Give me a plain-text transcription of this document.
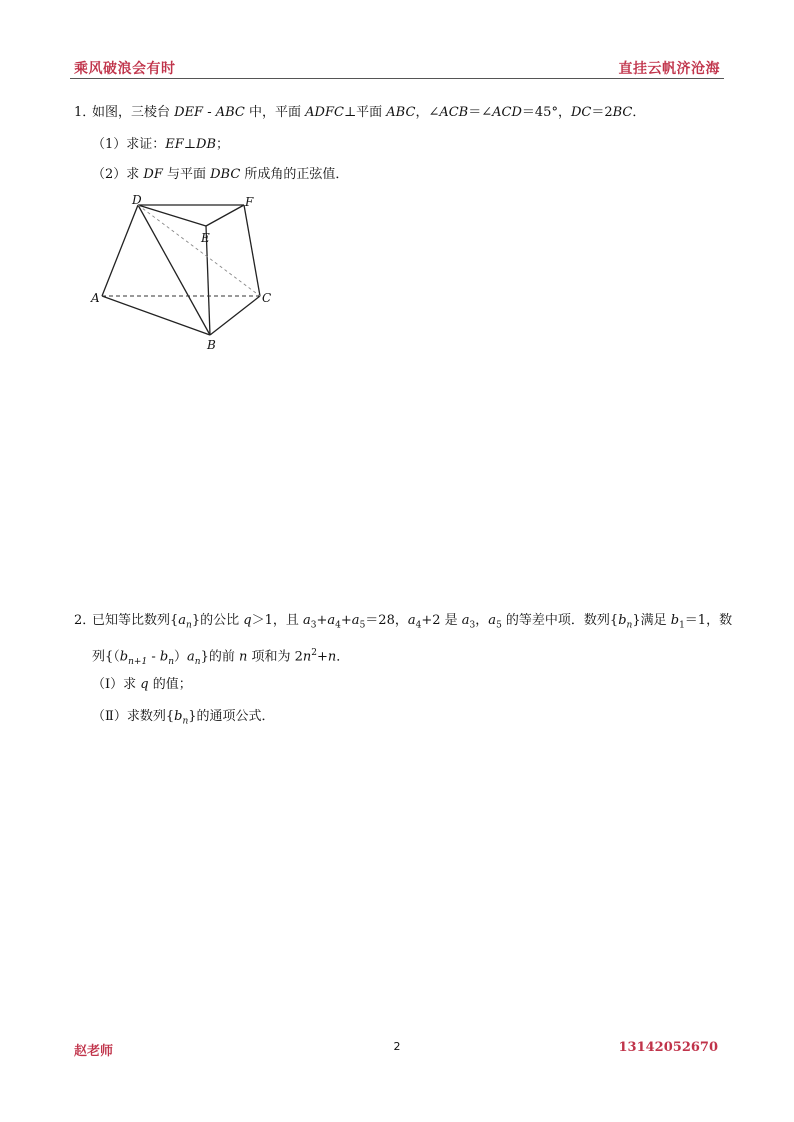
乘风破浪会有时	直挂云帆济沧海
1．
如图，三棱台 DEF - ABC 中，平面 ADFC⊥平面 ABC，∠ACB＝∠ACD＝45°，DC＝2BC．
（1）求证：EF⊥DB；
（2）求 DF 与平面 DBC 所成角的正弦值．
D	F
E
A	C
B
2．
已知等比数列$\{a_n\}$的公比 q＞1，且 $a_3+a_4+a_5=28$，$a_4+2$ 是 $a_3$，$a_5$ 的等差中项．数列$\{b_n\}$满足 $b_1=1$，数
列$\{(b_{n+1} - b_n)a_n\}$的前 n 项和为 $2n^2+n$．
（Ⅰ）求 q 的值；
（Ⅱ）求数列$\{b_n\}$的通项公式．
赵老师	2	13142052670
